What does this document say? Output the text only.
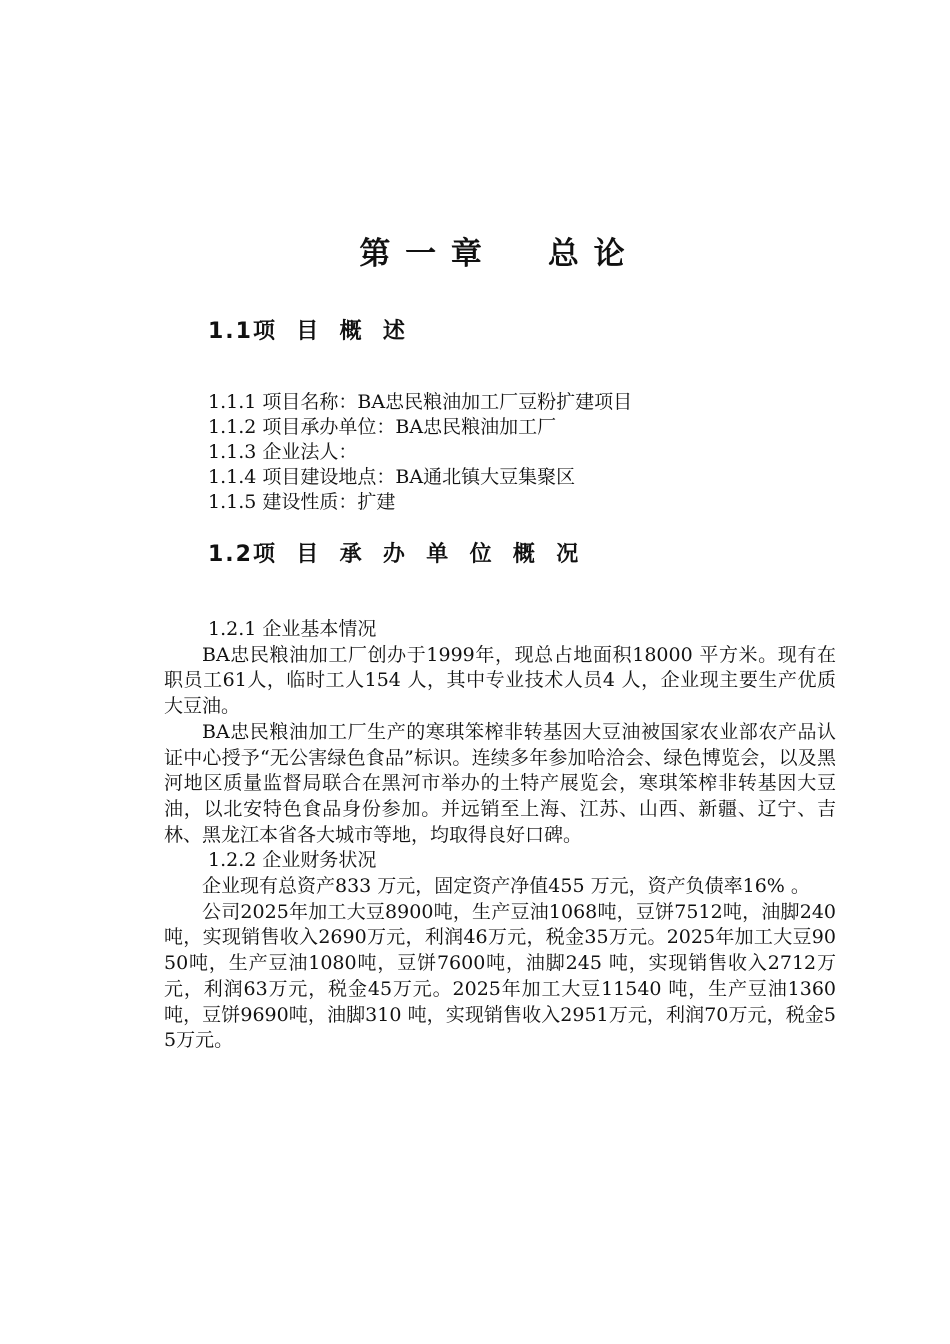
第 一 章     总 论
1.1项  目  概  述
1.1.1 项目名称：BA忠民粮油加工厂豆粉扩建项目
1.1.2 项目承办单位：BA忠民粮油加工厂
1.1.3 企业法人：
1.1.4 项目建设地点：BA通北镇大豆集聚区
1.1.5 建设性质：扩建
1.2项  目  承  办  单  位  概  况

1.2.1 企业基本情况

BA忠民粮油加工厂创办于1999年，现总占地面积18000 平方米。现有在职员工61人，临时工人154 人，其中专业技术人员4 人，企业现主要生产优质大豆油。

BA忠民粮油加工厂生产的寒琪笨榨非转基因大豆油被国家农业部农产品认证中心授予“无公害绿色食品”标识。连续多年参加哈洽会、绿色博览会，以及黑河地区质量监督局联合在黑河市举办的土特产展览会，寒琪笨榨非转基因大豆油，以北安特色食品身份参加。并远销至上海、江苏、山西、新疆、辽宁、吉林、黑龙江本省各大城市等地，均取得良好口碑。

1.2.2 企业财务状况

企业现有总资产833 万元，固定资产净值455 万元，资产负债率16% 。

公司2025年加工大豆8900吨，生产豆油1068吨，豆饼7512吨，油脚240 吨，实现销售收入2690万元，利润46万元，税金35万元。2025年加工大豆9050吨，生产豆油1080吨，豆饼7600吨，油脚245 吨，实现销售收入2712万元，利润63万元，税金45万元。2025年加工大豆11540 吨，生产豆油1360吨，豆饼9690吨，油脚310 吨，实现销售收入2951万元，利润70万元，税金55万元。
